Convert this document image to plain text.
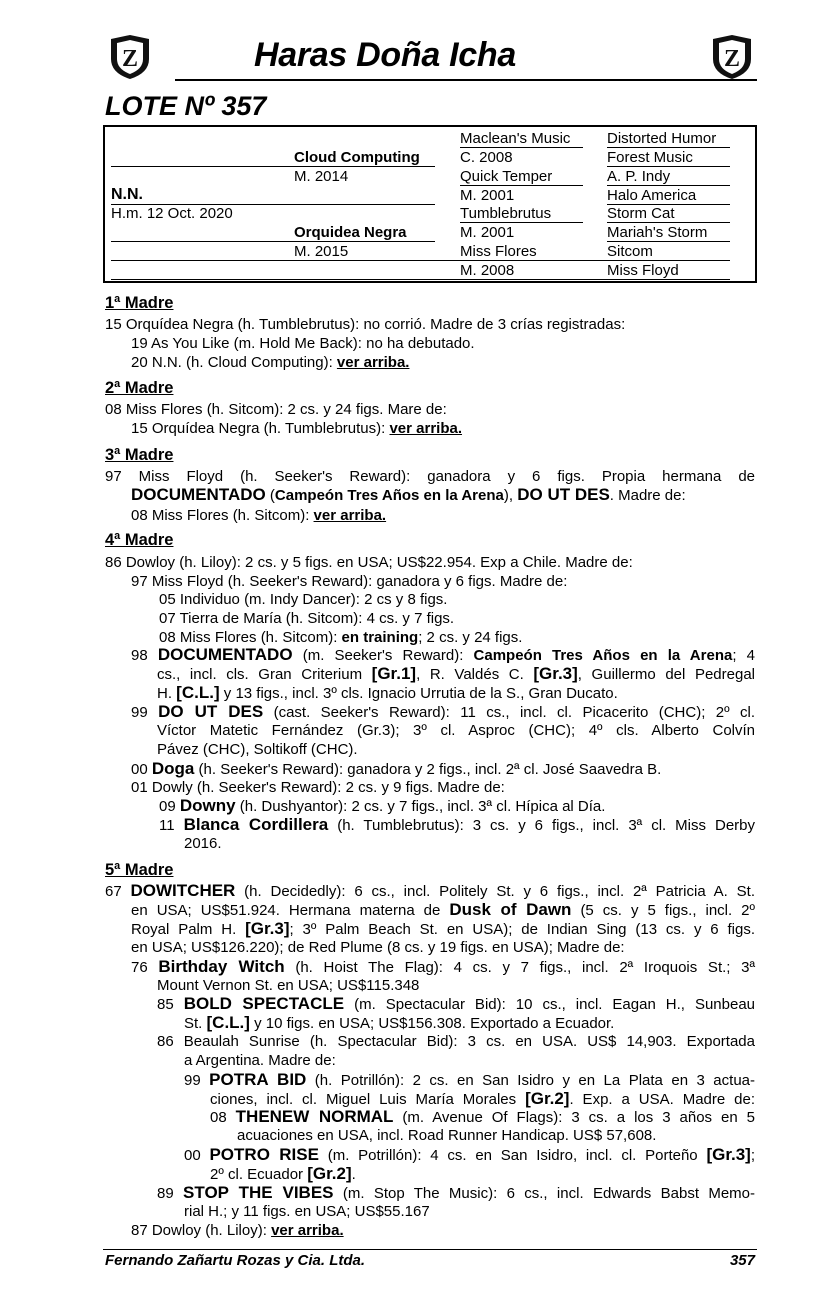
Z	Z
Haras Doña Icha
LOTE Nº 357
Maclean's Music
C. 2008
Quick Temper
M. 2001
Tumblebrutus
M. 2001
Miss Flores
M. 2008
Distorted Humor
Forest Music
A. P. Indy
Halo America
Storm Cat
Mariah's Storm
Sitcom
Miss Floyd
Cloud Computing
M. 2014
Orquidea Negra
M. 2015
N.N.
H.m. 12 Oct. 2020
1ª Madre
15 Orquídea Negra (h. Tumblebrutus): no corrió. Madre de 3 crías registradas:
19 As You Like (m. Hold Me Back): no ha debutado.
20 N.N. (h. Cloud Computing): ver arriba.
2ª Madre
08 Miss Flores (h. Sitcom): 2 cs. y 24 figs. Mare de:
15 Orquídea Negra (h. Tumblebrutus): ver arriba.
3ª Madre
97 Miss Floyd (h. Seeker's Reward): ganadora y 6 figs. Propia hermana de
DOCUMENTADO (Campeón Tres Años en la Arena), DO UT DES. Madre de:
08 Miss Flores (h. Sitcom): ver arriba.
4ª Madre
86 Dowloy (h. Liloy): 2 cs. y 5 figs. en USA; US$22.954. Exp a Chile. Madre de:
97 Miss Floyd (h. Seeker's Reward): ganadora y 6 figs. Madre de:
05 Individuo (m. Indy Dancer): 2 cs y 8 figs.
07 Tierra de María (h. Sitcom): 4 cs. y 7 figs.
08 Miss Flores (h. Sitcom): en training; 2 cs. y 24 figs.
98 DOCUMENTADO (m. Seeker's Reward): Campeón Tres Años en la Arena; 4
cs., incl. cls. Gran Criterium [Gr.1], R. Valdés C. [Gr.3], Guillermo del Pedregal
H. [C.L.] y 13 figs., incl. 3º cls. Ignacio Urrutia de la S., Gran Ducato.
99 DO UT DES (cast. Seeker's Reward): 11 cs., incl. cl. Picacerito (CHC); 2º cl.
Víctor Matetic Fernández (Gr.3); 3º cl. Asproc (CHC); 4º cls. Alberto Colvín
Pávez (CHC), Soltikoff (CHC).
00 Doga (h. Seeker's Reward): ganadora y 2 figs., incl. 2ª cl. José Saavedra B.
01 Dowly (h. Seeker's Reward): 2 cs. y 9 figs. Madre de:
09 Downy (h. Dushyantor): 2 cs. y 7 figs., incl. 3ª cl. Hípica al Día.
11 Blanca Cordillera (h. Tumblebrutus): 3 cs. y 6 figs., incl. 3ª cl. Miss Derby
2016.
5ª Madre
67 DOWITCHER (h. Decidedly): 6 cs., incl. Politely St. y 6 figs., incl. 2ª Patricia A. St.
en USA; US$51.924. Hermana materna de Dusk of Dawn (5 cs. y 5 figs., incl. 2º
Royal Palm H. [Gr.3]; 3º Palm Beach St. en USA); de Indian Sing (13 cs. y 6 figs.
en USA; US$126.220); de Red Plume (8 cs. y 19 figs. en USA); Madre de:
76 Birthday Witch (h. Hoist The Flag): 4 cs. y 7 figs., incl. 2ª Iroquois St.; 3ª
Mount Vernon St. en USA; US$115.348
85 BOLD SPECTACLE (m. Spectacular Bid): 10 cs., incl. Eagan H., Sunbeau
St. [C.L.] y 10 figs. en USA; US$156.308. Exportado a Ecuador.
86 Beaulah Sunrise (h. Spectacular Bid): 3 cs. en USA. US$ 14,903. Exportada
a Argentina. Madre de:
99 POTRA BID (h. Potrillón): 2 cs. en San Isidro y en La Plata en 3 actua-
ciones, incl. cl. Miguel Luis María Morales [Gr.2]. Exp. a USA. Madre de:
08 THENEW NORMAL (m. Avenue Of Flags): 3 cs. a los 3 años en 5
acuaciones en USA, incl. Road Runner Handicap. US$ 57,608.
00 POTRO RISE (m. Potrillón): 4 cs. en San Isidro, incl. cl. Porteño [Gr.3];
2º cl. Ecuador [Gr.2].
89 STOP THE VIBES (m. Stop The Music): 6 cs., incl. Edwards Babst Memo-
rial H.; y 11 figs. en USA; US$55.167
87 Dowloy (h. Liloy): ver arriba.
Fernando Zañartu Rozas y Cia. Ltda.	357
